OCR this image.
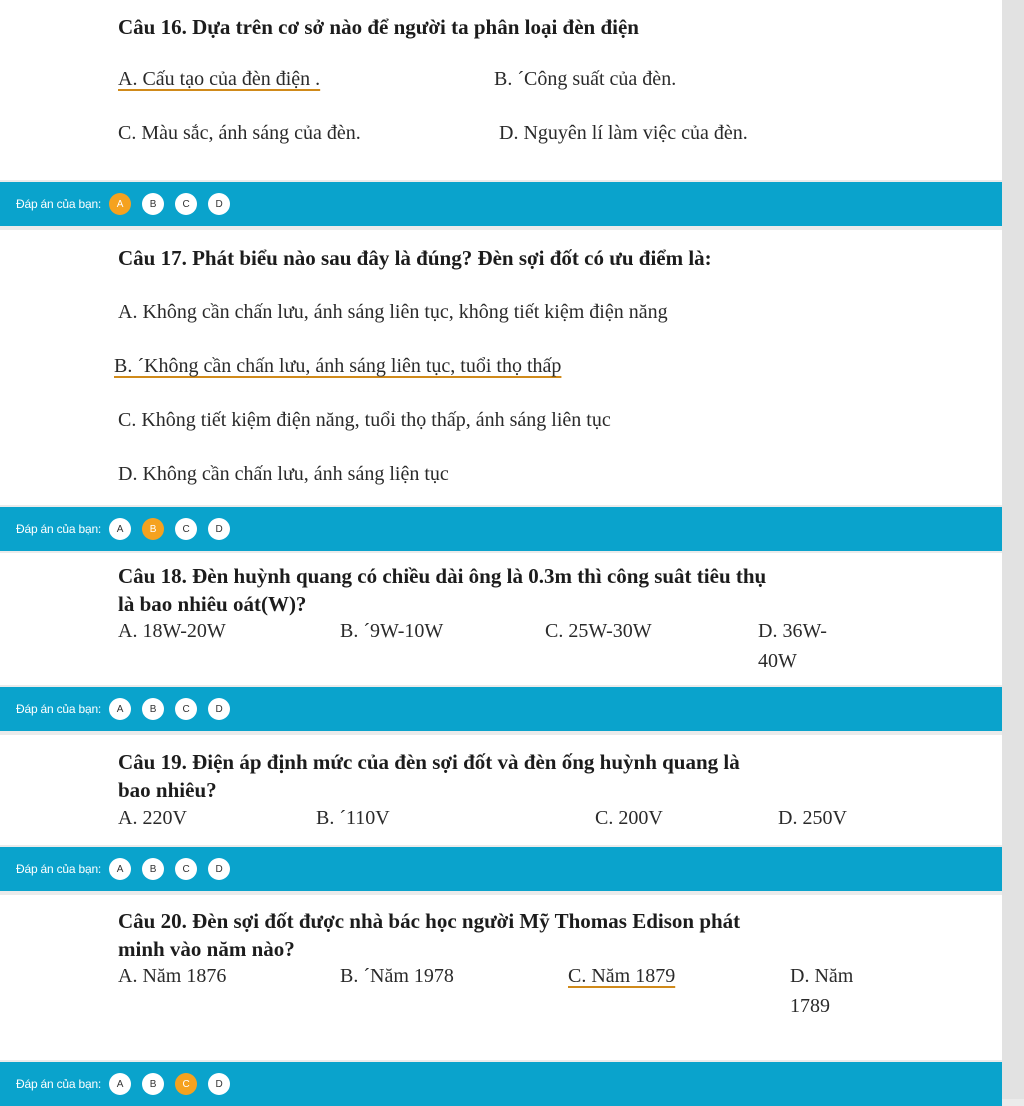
Câu 16. Dựa trên cơ sở nào để người ta phân loại đèn điện
A. Cấu tạo của đèn điện .	B. ´Công suất của đèn.
C. Màu sắc, ánh sáng của đèn.	D. Nguyên lí làm việc của đèn.
Đáp án của bạn:	A	B	C	D
Câu 17. Phát biểu nào sau đây là đúng? Đèn sợi đốt có ưu điểm là:
A. Không cần chấn lưu, ánh sáng liên tục, không tiết kiệm điện năng
B. ´Không cần chấn lưu, ánh sáng liên tục, tuổi thọ thấp
C. Không tiết kiệm điện năng, tuổi thọ thấp, ánh sáng liên tục
D. Không cần chấn lưu, ánh sáng liện tục
Đáp án của bạn:	A	B	C	D
Câu 18. Đèn huỳnh quang có chiều dài ông là 0.3m thì công suât tiêu thụ
là bao nhiêu oát(W)?
A. 18W-20W	B. ´9W-10W	C. 25W-30W	D. 36W-
40W
Đáp án của bạn:	A	B	C	D
Câu 19. Điện áp định mức của đèn sợi đốt và đèn ống huỳnh quang là
bao nhiêu?
A. 220V	B. ´110V	C. 200V	D. 250V
Đáp án của bạn:	A	B	C	D
Câu 20. Đèn sợi đốt được nhà bác học người Mỹ Thomas Edison phát
minh vào năm nào?
A. Năm 1876	B. ´Năm 1978	C. Năm 1879	D. Năm
1789
Đáp án của bạn:	A	B	C	D
